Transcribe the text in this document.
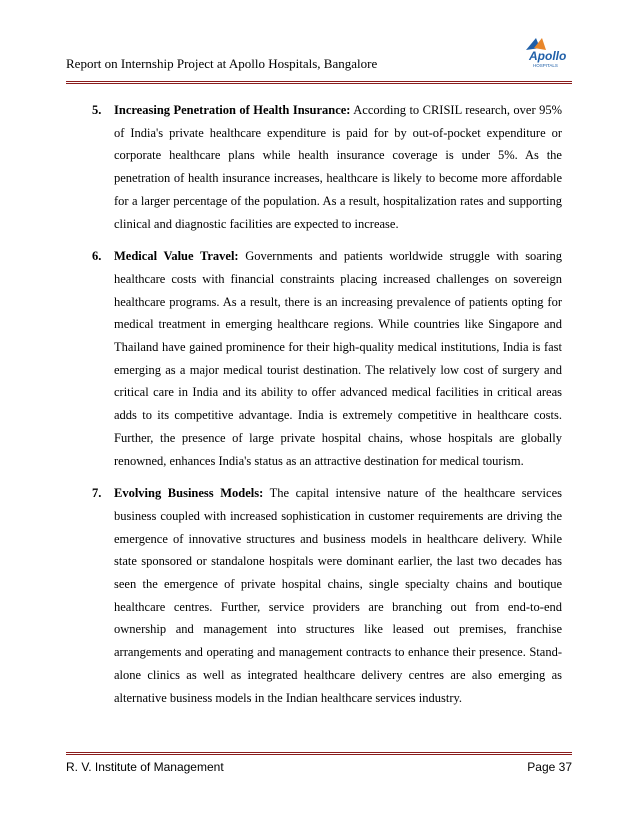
Report on Internship Project at Apollo Hospitals, Bangalore	Apollo
HOSPITALS
5. Increasing Penetration of Health Insurance: According to CRISIL research, over 95% of India's private healthcare expenditure is paid for by out-of-pocket expenditure or corporate healthcare plans while health insurance coverage is under 5%. As the penetration of health insurance increases, healthcare is likely to become more affordable for a larger percentage of the population. As a result, hospitalization rates and supporting clinical and diagnostic facilities are expected to increase.
6. Medical Value Travel: Governments and patients worldwide struggle with soaring healthcare costs with financial constraints placing increased challenges on sovereign healthcare programs. As a result, there is an increasing prevalence of patients opting for medical treatment in emerging healthcare regions. While countries like Singapore and Thailand have gained prominence for their high-quality medical institutions, India is fast emerging as a major medical tourist destination. The relatively low cost of surgery and critical care in India and its ability to offer advanced medical facilities in critical areas adds to its competitive advantage. India is extremely competitive in healthcare costs. Further, the presence of large private hospital chains, whose hospitals are globally renowned, enhances India's status as an attractive destination for medical tourism.
7. Evolving Business Models: The capital intensive nature of the healthcare services business coupled with increased sophistication in customer requirements are driving the emergence of innovative structures and business models in healthcare delivery. While state sponsored or standalone hospitals were dominant earlier, the last two decades has seen the emergence of private hospital chains, single specialty chains and boutique healthcare centres. Further, service providers are branching out from end-to-end ownership and management into structures like leased out premises, franchise arrangements and operating and management contracts to enhance their presence. Stand-alone clinics as well as integrated healthcare delivery centres are also emerging as alternative business models in the Indian healthcare services industry.
R. V. Institute of Management	Page 37
